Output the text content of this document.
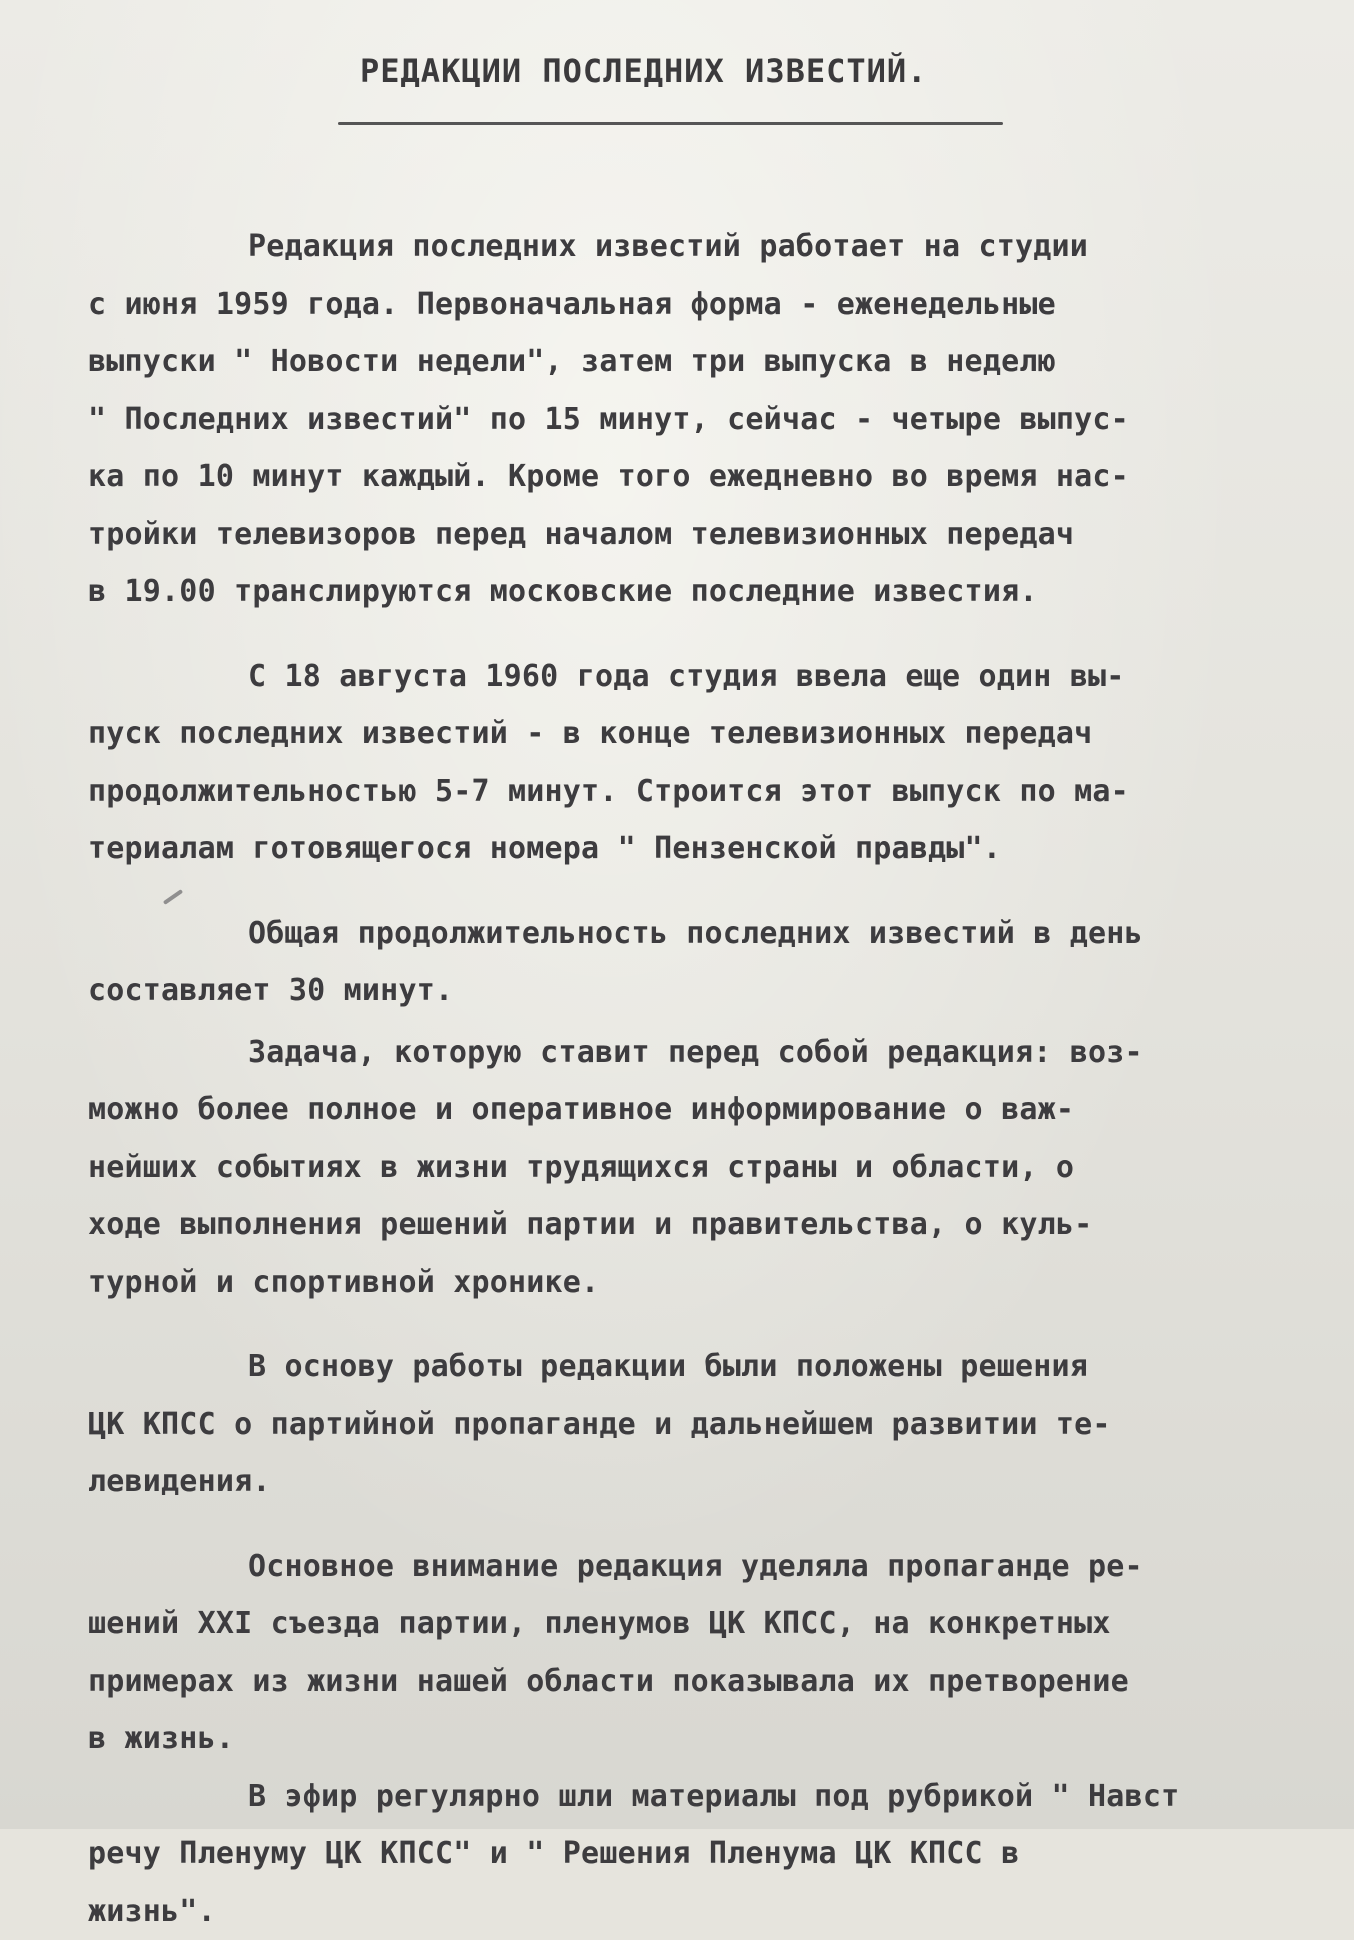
РЕДАКЦИИ ПОСЛЕДНИХ ИЗВЕСТИЙ.
Редакция последних известий работает на студии
с июня 1959 года. Первоначальная форма - еженедельные
выпуски " Новости недели", затем три выпуска в неделю
" Последних известий" по 15 минут, сейчас - четыре выпус-
ка по 10 минут каждый. Кроме того ежедневно во время нас-
тройки телевизоров перед началом телевизионных передач
в 19.00 транслируются московские последние известия.
С 18 августа 1960 года студия ввела еще один вы-
пуск последних известий - в конце телевизионных передач
продолжительностью 5-7 минут. Строится этот выпуск по ма-
териалам готовящегося номера " Пензенской правды".
Общая продолжительность последних известий в день
составляет 30 минут.
Задача, которую ставит перед собой редакция: воз-
можно более полное и оперативное информирование о важ-
нейших событиях в жизни трудящихся страны и области, о
ходе выполнения решений партии и правительства, о куль-
турной и спортивной хронике.
В основу работы редакции были положены решения
ЦК КПСС о партийной пропаганде и дальнейшем развитии те-
левидения.
Основное внимание редакция уделяла пропаганде ре-
шений XXI съезда партии, пленумов ЦК КПСС, на конкретных
примерах из жизни нашей области показывала их претворение
в жизнь.
В эфир регулярно шли материалы под рубрикой " Навст
речу Пленуму ЦК КПСС" и " Решения Пленума ЦК КПСС в
жизнь".
